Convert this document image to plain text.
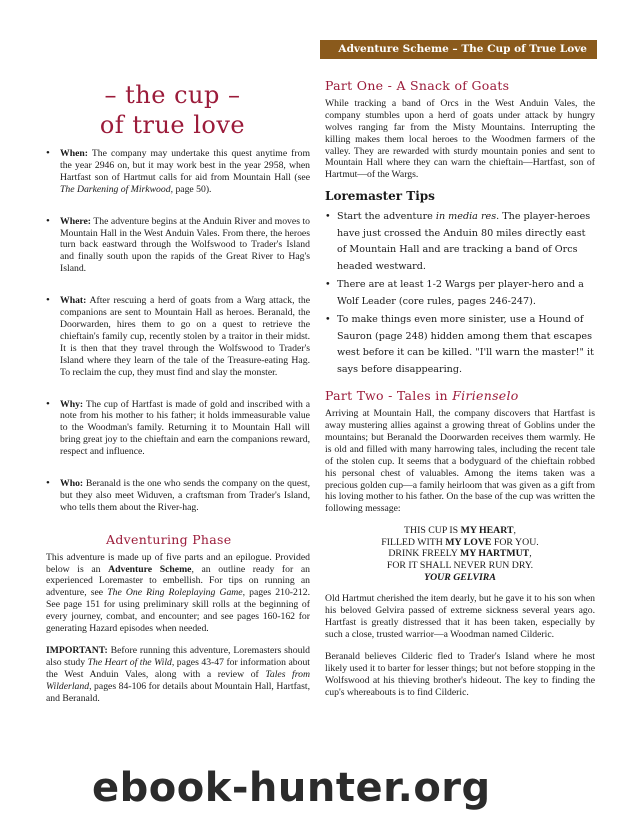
Adventure Scheme – The Cup of True Love
– the cup –
of true love
• When: The company may undertake this quest anytime from the year 2946 on, but it may work best in the year 2958, when Hartfast son of Hartmut calls for aid from Mountain Hall (see The Darkening of Mirkwood, page 50).
• Where: The adventure begins at the Anduin River and moves to Mountain Hall in the West Anduin Vales. From there, the heroes turn back eastward through the Wolfswood to Trader's Island and finally south upon the rapids of the Great River to Hag's Island.
• What: After rescuing a herd of goats from a Warg attack, the companions are sent to Mountain Hall as heroes. Beranald, the Doorwarden, hires them to go on a quest to retrieve the chieftain's family cup, recently stolen by a traitor in their midst. It is then that they travel through the Wolfswood to Trader's Island where they learn of the tale of the Treasure-eating Hag. To reclaim the cup, they must find and slay the monster.
• Why: The cup of Hartfast is made of gold and inscribed with a note from his mother to his father; it holds immeasurable value to the Woodman's family. Returning it to Mountain Hall will bring great joy to the chieftain and earn the companions reward, respect and influence.
• Who: Beranald is the one who sends the company on the quest, but they also meet Widuven, a craftsman from Trader's Island, who tells them about the River-hag.
Adventuring Phase

This adventure is made up of five parts and an epilogue. Provided below is an Adventure Scheme, an outline ready for an experienced Loremaster to embellish. For tips on running an adventure, see The One Ring Roleplaying Game, pages 210-212. See page 151 for using preliminary skill rolls at the beginning of every journey, combat, and encounter; and see pages 160-162 for generating Hazard episodes when needed.

IMPORTANT: Before running this adventure, Loremasters should also study The Heart of the Wild, pages 43-47 for information about the West Anduin Vales, along with a review of Tales from Wilderland, pages 84-106 for details about Mountain Hall, Hartfast, and Beranald.

Part One - A Snack of Goats

While tracking a band of Orcs in the West Anduin Vales, the company stumbles upon a herd of goats under attack by hungry wolves ranging far from the Misty Mountains. Interrupting the killing makes them local heroes to the Woodmen farmers of the valley. They are rewarded with sturdy mountain ponies and sent to Mountain Hall where they can warn the chieftain—Hartfast, son of Hartmut—of the Wargs.

Loremaster Tips
• Start the adventure in media res. The player-heroes have just crossed the Anduin 80 miles directly east of Mountain Hall and are tracking a band of Orcs headed westward.
• There are at least 1-2 Wargs per player-hero and a Wolf Leader (core rules, pages 246-247).
• To make things even more sinister, use a Hound of Sauron (page 248) hidden among them that escapes west before it can be killed. "I'll warn the master!" it says before disappearing.
Part Two - Tales in Firienselo

Arriving at Mountain Hall, the company discovers that Hartfast is away mustering allies against a growing threat of Goblins under the mountains; but Beranald the Doorwarden receives them warmly. He is old and filled with many harrowing tales, including the recent tale of the stolen cup. It seems that a bodyguard of the chieftain robbed his personal chest of valuables. Among the items taken was a precious golden cup—a family heirloom that was given as a gift from his loving mother to his father. On the base of the cup was written the following message:

THIS CUP IS MY HEART,
FILLED WITH MY LOVE FOR YOU.
DRINK FREELY MY HARTMUT,
FOR IT SHALL NEVER RUN DRY.
YOUR GELVIRA

Old Hartmut cherished the item dearly, but he gave it to his son when his beloved Gelvira passed of extreme sickness several years ago. Hartfast is greatly distressed that it has been taken, especially by such a close, trusted warrior—a Woodman named Cilderic.

Beranald believes Cilderic fled to Trader's Island where he most likely used it to barter for lesser things; but not before stopping in the Wolfswood at his thieving brother's hideout. The key to finding the cup's whereabouts is to find Cilderic.

ebook-hunter.org
